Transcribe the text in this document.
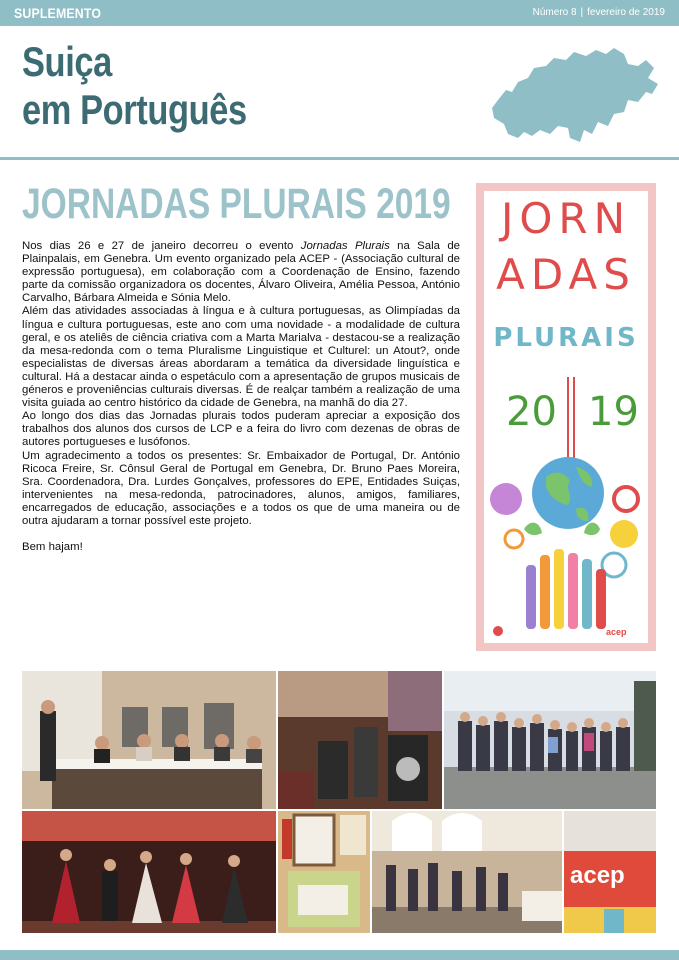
SUPLEMENTO	Número 8 | fevereiro de 2019
Suiça
em Português
JORNADAS PLURAIS 2019

Nos dias 26 e 27 de janeiro decorreu o evento Jornadas Plurais na Sala de Plainpalais, em Genebra. Um evento organizado pela ACEP - (Associação cultural de expressão portuguesa), em colaboração com a Coordenação de Ensino, fazendo parte da comissão organizadora os docentes, Álvaro Oliveira, Amélia Pessoa, António Carvalho, Bárbara Almeida e Sónia Melo.

Além das atividades associadas à língua e à cultura portuguesas, as Olimpíadas da língua e cultura portuguesas, este ano com uma novidade - a modalidade de cultura geral, e os ateliês de ciência criativa com a Marta Marialva - destacou-se a realização da mesa-redonda com o tema Pluralisme Linguistique et Culturel: un Atout?, onde especialistas de diversas áreas abordaram a temática da diversidade linguística e cultural. Há a destacar ainda o espetáculo com a apresentação de grupos musicais de géneros e proveniências culturais diversas. É de realçar também a realização de uma visita guiada ao centro histórico da cidade de Genebra, na manhã do dia 27.

Ao longo dos dias das Jornadas plurais todos puderam apreciar a exposição dos trabalhos dos alunos dos cursos de LCP e a feira do livro com dezenas de obras de autores portugueses e lusófonos.

Um agradecimento a todos os presentes: Sr. Embaixador de Portugal, Dr. António Ricoca Freire, Sr. Cônsul Geral de Portugal em Genebra, Dr. Bruno Paes Moreira, Sra. Coordenadora, Dra. Lurdes Gonçalves, professores do EPE, Entidades Suiças, intervenientes na mesa-redonda, patrocinadores, alunos, amigos, familiares, encarregados de educação, associações e a todos os que de uma maneira ou de outra ajudaram a tornar possível este projeto.

Bem hajam!

JORN
ADAS
PLURAIS
20 19
acep
acep
